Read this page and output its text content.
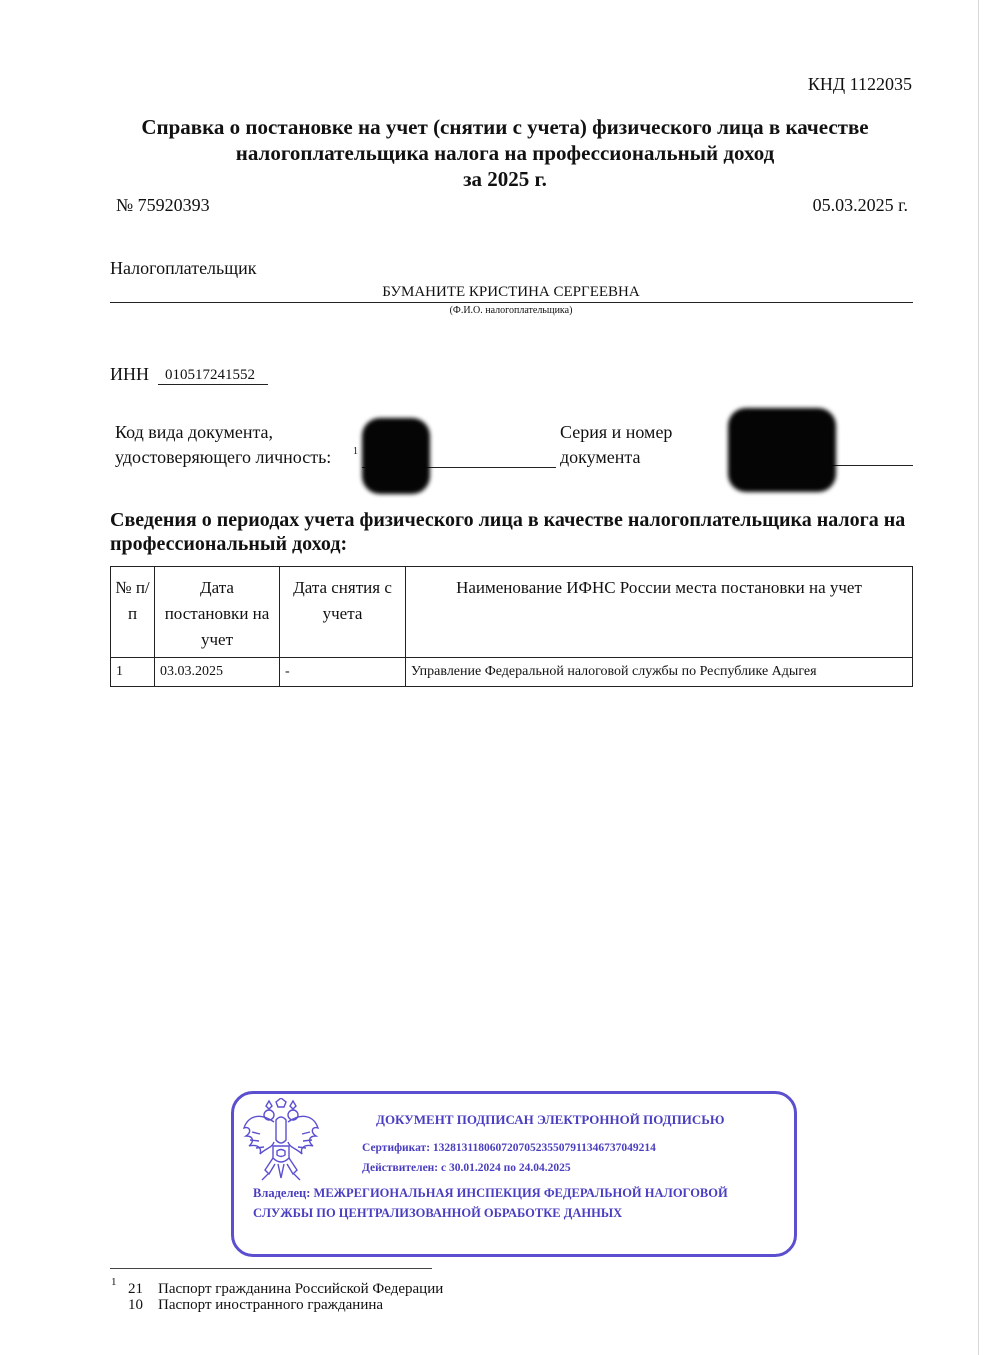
КНД 1122035
Справка о постановке на учет (снятии с учета) физического лица в качестве
налогоплательщика налога на профессиональный доход
за 2025 г.
№ 75920393	05.03.2025 г.
Налогоплательщик
БУМАНИТЕ КРИСТИНА СЕРГЕЕВНА
(Ф.И.О. налогоплательщика)
ИНН 010517241552
Код вида документа,
удостоверяющего личность: 1
Серия и номер
документа
Сведения о периодах учета физического лица в качестве налогоплательщика налога на профессиональный доход:
№ п/п	Дата постановки на учет	Дата снятия с учета	Наименование ИФНС России места постановки на учет
1	03.03.2025	-	Управление Федеральной налоговой службы по Республике Адыгея
ДОКУМЕНТ ПОДПИСАН ЭЛЕКТРОННОЙ ПОДПИСЬЮ
Сертификат: 132813118060720705235507911346737049214
Действителен: с 30.01.2024 по 24.04.2025
Владелец: МЕЖРЕГИОНАЛЬНАЯ ИНСПЕКЦИЯ ФЕДЕРАЛЬНОЙ НАЛОГОВОЙ
СЛУЖБЫ ПО ЦЕНТРАЛИЗОВАННОЙ ОБРАБОТКЕ ДАННЫХ
1 21 Паспорт гражданина Российской Федерации
10 Паспорт иностранного гражданина
